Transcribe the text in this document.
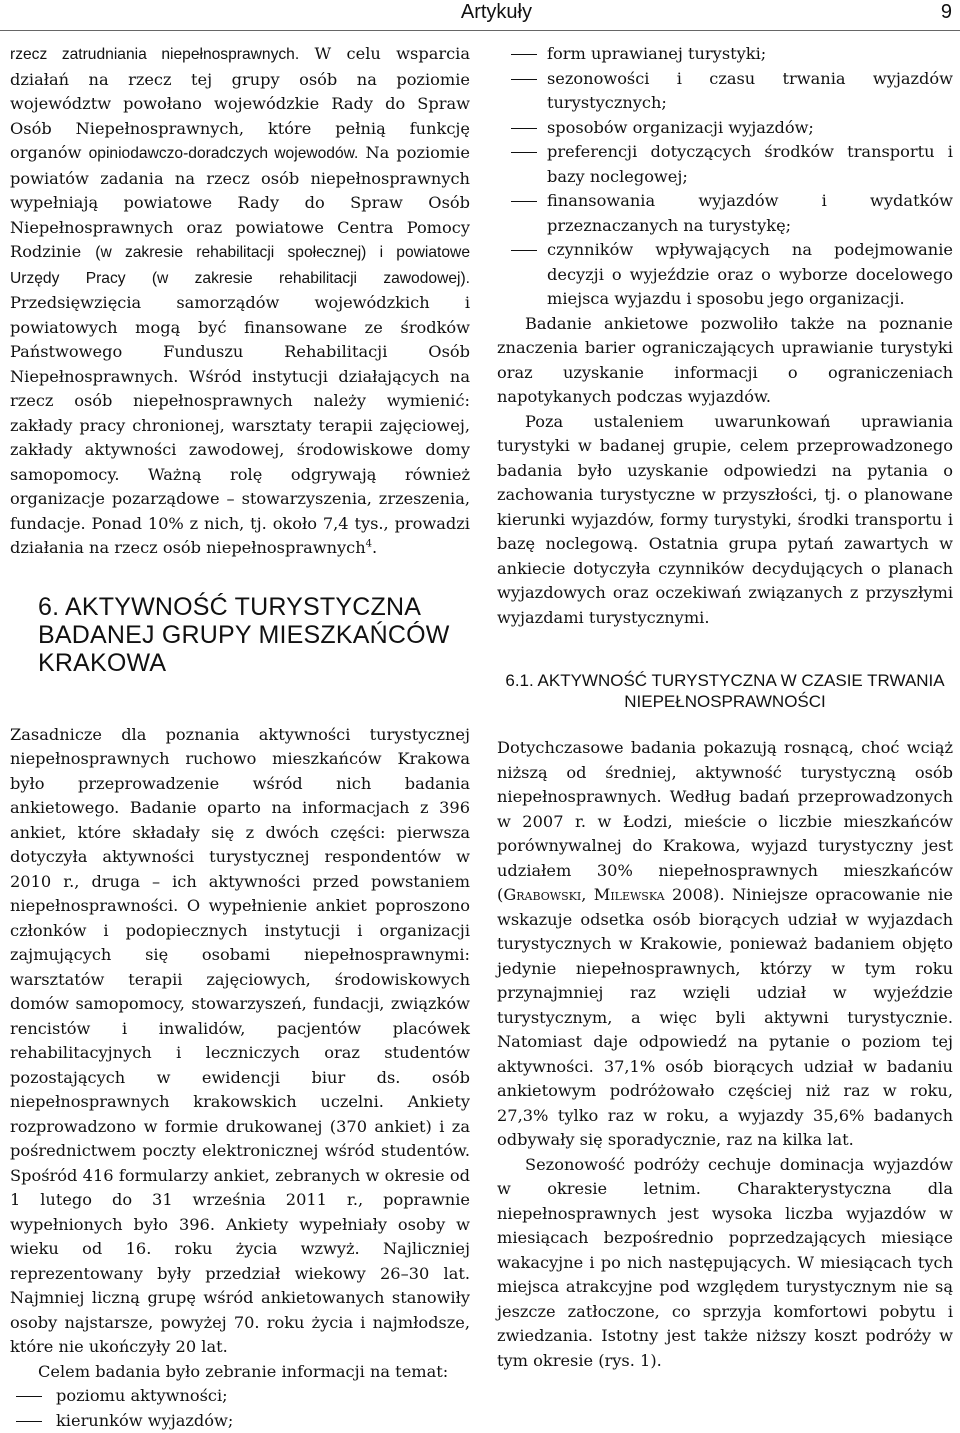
Artykuły	9

rzecz zatrudniania niepełnosprawnych. W celu wsparcia działań na rzecz tej grupy osób na poziomie województw powołano wojewódzkie Rady do Spraw Osób Niepełnosprawnych, które pełnią funkcję organów opiniodawczo-doradczych wojewodów. Na poziomie powiatów zadania na rzecz osób niepełnosprawnych wypełniają powiatowe Rady do Spraw Osób Niepełnosprawnych oraz powiatowe Centra Pomocy Rodzinie (w zakresie rehabilitacji społecznej) i powiatowe Urzędy Pracy (w zakresie rehabilitacji zawodowej). Przedsięwzięcia samorządów wojewódzkich i powiatowych mogą być finansowane ze środków Państwowego Funduszu Rehabilitacji Osób Niepełnosprawnych. Wśród instytucji działających na rzecz osób niepełnosprawnych należy wymienić: zakłady pracy chronionej, warsztaty terapii zajęciowej, zakłady aktywności zawodowej, środowiskowe domy samopomocy. Ważną rolę odgrywają również organizacje pozarządowe – stowarzyszenia, zrzeszenia, fundacje. Ponad 10% z nich, tj. około 7,4 tys., prowadzi działania na rzecz osób niepełnosprawnych$^4$.

6. AKTYWNOŚĆ TURYSTYCZNA BADANEJ GRUPY MIESZKAŃCÓW KRAKOWA

Zasadnicze dla poznania aktywności turystycznej niepełnosprawnych ruchowo mieszkańców Krakowa było przeprowadzenie wśród nich badania ankietowego. Badanie oparto na informacjach z 396 ankiet, które składały się z dwóch części: pierwsza dotyczyła aktywności turystycznej respondentów w 2010 r., druga – ich aktywności przed powstaniem niepełnosprawności. O wypełnienie ankiet poproszono członków i podopiecznych instytucji i organizacji zajmujących się osobami niepełnosprawnymi: warsztatów terapii zajęciowych, środowiskowych domów samopomocy, stowarzyszeń, fundacji, związków rencistów i inwalidów, pacjentów placówek rehabilitacyjnych i leczniczych oraz studentów pozostających w ewidencji biur ds. osób niepełnosprawnych krakowskich uczelni. Ankiety rozprowadzono w formie drukowanej (370 ankiet) i za pośrednictwem poczty elektronicznej wśród studentów. Spośród 416 formularzy ankiet, zebranych w okresie od 1 lutego do 31 września 2011 r., poprawnie wypełnionych było 396. Ankiety wypełniały osoby w wieku od 16. roku życia wzwyż. Najliczniej reprezentowany były przedział wiekowy 26–30 lat. Najmniej liczną grupę wśród ankietowanych stanowiły osoby najstarsze, powyżej 70. roku życia i najmłodsze, które nie ukończyły 20 lat.

Celem badania było zebranie informacji na temat:

poziomu aktywności;
kierunków wyjazdów;
form uprawianej turystyki;
sezonowości i czasu trwania wyjazdów turystycznych;
sposobów organizacji wyjazdów;
preferencji dotyczących środków transportu i bazy noclegowej;
finansowania wyjazdów i wydatków przeznaczanych na turystykę;
czynników wpływających na podejmowanie decyzji o wyjeździe oraz o wyborze docelowego miejsca wyjazdu i sposobu jego organizacji.

Badanie ankietowe pozwoliło także na poznanie znaczenia barier ograniczających uprawianie turystyki oraz uzyskanie informacji o ograniczeniach napotykanych podczas wyjazdów.

Poza ustaleniem uwarunkowań uprawiania turystyki w badanej grupie, celem przeprowadzonego badania było uzyskanie odpowiedzi na pytania o zachowania turystyczne w przyszłości, tj. o planowane kierunki wyjazdów, formy turystyki, środki transportu i bazę noclegową. Ostatnia grupa pytań zawartych w ankiecie dotyczyła czynników decydujących o planach wyjazdowych oraz oczekiwań związanych z przyszłymi wyjazdami turystycznymi.

6.1. AKTYWNOŚĆ TURYSTYCZNA W CZASIE TRWANIA NIEPEŁNOSPRAWNOŚCI

Dotychczasowe badania pokazują rosnącą, choć wciąż niższą od średniej, aktywność turystyczną osób niepełnosprawnych. Według badań przeprowadzonych w 2007 r. w Łodzi, mieście o liczbie mieszkańców porównywalnej do Krakowa, wyjazd turystyczny jest udziałem 30% niepełnosprawnych mieszkańców (Grabowski, Milewska 2008). Niniejsze opracowanie nie wskazuje odsetka osób biorących udział w wyjazdach turystycznych w Krakowie, ponieważ badaniem objęto jedynie niepełnosprawnych, którzy w tym roku przynajmniej raz wzięli udział w wyjeździe turystycznym, a więc byli aktywni turystycznie. Natomiast daje odpowiedź na pytanie o poziom tej aktywności. 37,1% osób biorących udział w badaniu ankietowym podróżowało częściej niż raz w roku, 27,3% tylko raz w roku, a wyjazdy 35,6% badanych odbywały się sporadycznie, raz na kilka lat.

Sezonowość podróży cechuje dominacja wyjazdów w okresie letnim. Charakterystyczna dla niepełnosprawnych jest wysoka liczba wyjazdów w miesiącach bezpośrednio poprzedzających miesiące wakacyjne i po nich następujących. W miesiącach tych miejsca atrakcyjne pod względem turystycznym nie są jeszcze zatłoczone, co sprzyja komfortowi pobytu i zwiedzania. Istotny jest także niższy koszt podróży w tym okresie (rys. 1).
